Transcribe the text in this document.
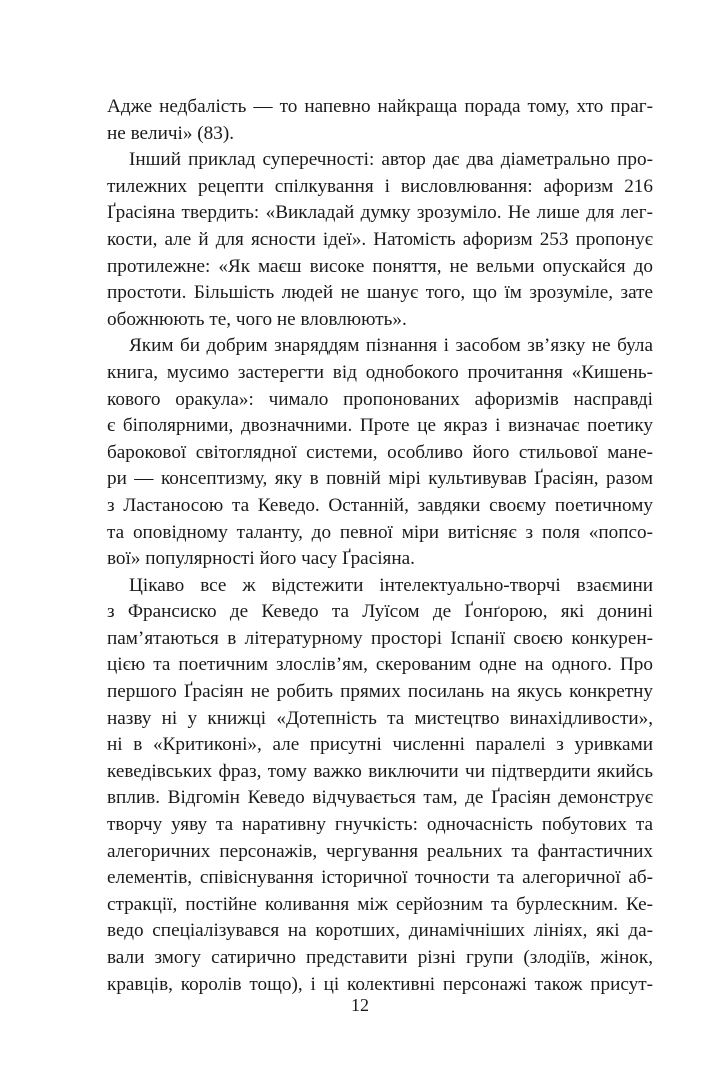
Адже недбалість — то напевно найкраща порада тому, хто праг-
не величі» (83).
Інший приклад суперечності: автор дає два діаметрально про-
тилежних рецепти спілкування і висловлювання: афоризм 216
Ґрасіяна твердить: «Викладай думку зрозуміло. Не лише для лег-
кости, але й для ясности ідеї». Натомість афоризм 253 пропонує
протилежне: «Як маєш високе поняття, не вельми опускайся до
простоти. Більшість людей не шанує того, що їм зрозуміле, зате
обожнюють те, чого не вловлюють».
Яким би добрим знаряддям пізнання і засобом зв’язку не була
книга, мусимо застерегти від однобокого прочитання «Кишень-
кового оракула»: чимало пропонованих афоризмів насправді
є біполярними, двозначними. Проте це якраз і визначає поетику
барокової світоглядної системи, особливо його стильової мане-
ри — консептизму, яку в повній мірі культивував Ґрасіян, разом
з Ластаносою та Кеведо. Останній, завдяки своєму поетичному
та оповідному таланту, до певної міри витісняє з поля «попсо-
вої» популярності його часу Ґрасіяна.
Цікаво все ж відстежити інтелектуально-творчі взаємини
з Франсиско де Кеведо та Луїсом де Ґонґорою, які донині
пам’ятаються в літературному просторі Іспанії своєю конкурен-
цією та поетичним злослів’ям, скерованим одне на одного. Про
першого Ґрасіян не робить прямих посилань на якусь конкретну
назву ні у книжці «Дотепність та мистецтво винахідливости»,
ні в «Критиконі», але присутні численні паралелі з уривками
кеведівських фраз, тому важко виключити чи підтвердити якийсь
вплив. Відгомін Кеведо відчувається там, де Ґрасіян демонструє
творчу уяву та наративну гнучкість: одночасність побутових та
алегоричних персонажів, чергування реальних та фантастичних
елементів, співіснування історичної точности та алегоричної аб-
стракції, постійне коливання між серйозним та бурлескним. Ке-
ведо спеціалізувався на коротших, динамічніших лініях, які да-
вали змогу сатирично представити різні групи (злодіїв, жінок,
кравців, королів тощо), і ці колективні персонажі також присут-
12
